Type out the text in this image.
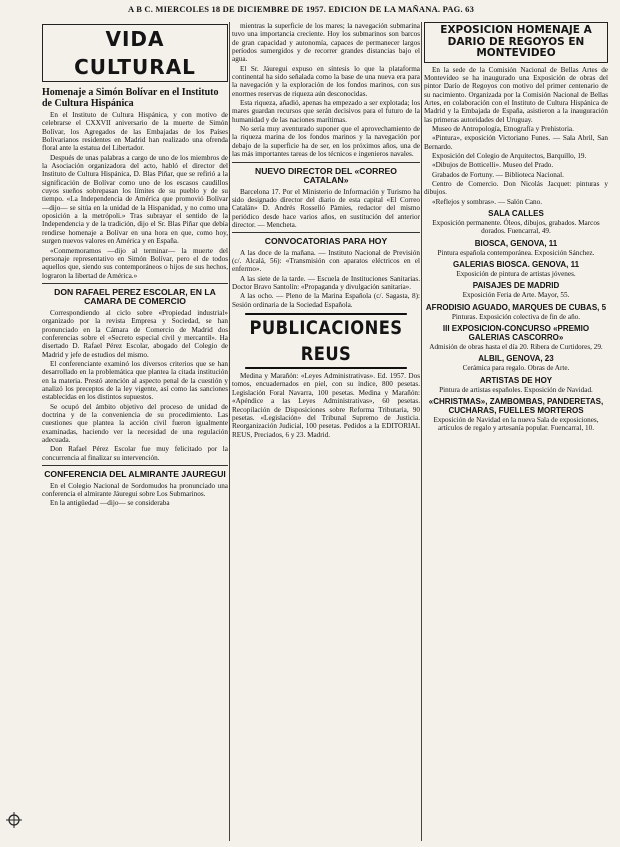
A B C. MIERCOLES 18 DE DICIEMBRE DE 1957. EDICION DE LA MAÑANA. PAG. 63
VIDA CULTURAL
Homenaje a Simón Bolívar en el Instituto de Cultura Hispánica

En el Instituto de Cultura Hispánica, y con motivo de celebrarse el CXXVII aniversario de la muerte de Simón Bolívar, los Agregados de las Embajadas de los Países Bolivarianos residentes en Madrid han realizado una ofrenda floral ante la estatua del Libertador.

Después de unas palabras a cargo de uno de los miembros de la Asociación organizadora del acto, habló el director del Instituto de Cultura Hispánica, D. Blas Piñar, que se refirió a la significación de Bolívar como uno de los escasos caudillos cuyos sueños sobrepasan los límites de su pueblo y de su tiempo. «La Independencia de América que promovió Bolívar —dijo— se sitúa en la unidad de la Hispanidad, y no como una oposición a la metrópoli.» Tras subrayar el sentido de la Independencia y de la tradición, dijo el Sr. Blas Piñar que debía rendirse homenaje a Bolívar en una hora en que, como hoy, surgen nuevos valores en América y en España.

«Conmemoramos —dijo al terminar— la muerte del personaje representativo en Simón Bolívar, pero el de todos aquellos que, siendo sus contemporáneos o hijos de sus hechos, lograron la libertad de América.»

DON RAFAEL PEREZ ESCOLAR, EN LA CAMARA DE COMERCIO

Correspondiendo al ciclo sobre «Propiedad industrial» organizado por la revista Empresa y Sociedad, se han pronunciado en la Cámara de Comercio de Madrid dos conferencias sobre el «Secreto especial civil y mercantil». Ha disertado D. Rafael Pérez Escolar, abogado del Colegio de Madrid y jefe de estudios del mismo.

El conferenciante examinó los diversos criterios que se han desarrollado en la problemática que plantea la citada institución en la materia. Prestó atención al aspecto penal de la cuestión y analizó los preceptos de la ley vigente, así como las sanciones establecidas en los distintos supuestos.

Se ocupó del ámbito objetivo del proceso de unidad de doctrina y de la conveniencia de su procedimiento. Las cuestiones que plantea la acción civil fueron igualmente examinadas, haciendo ver la necesidad de una regulación adecuada.

Don Rafael Pérez Escolar fue muy felicitado por la concurrencia al finalizar su intervención.

CONFERENCIA DEL ALMIRANTE JAUREGUI

En el Colegio Nacional de Sordomudos ha pronunciado una conferencia el almirante Jáuregui sobre Los Submarinos.

En la antigüedad —dijo— se consideraba

mientras la superficie de los mares; la navegación submarina tuvo una importancia creciente. Hoy los submarinos son barcos de gran capacidad y autonomía, capaces de permanecer largos períodos sumergidos y de recorrer grandes distancias bajo el agua.

El Sr. Jáuregui expuso en síntesis lo que la plataforma continental ha sido señalada como la base de una nueva era para la navegación y la exploración de los fondos marinos, con sus enormes reservas de riqueza aún desconocidas.

Esta riqueza, añadió, apenas ha empezado a ser explotada; los mares guardan recursos que serán decisivos para el futuro de la humanidad y de las naciones marítimas.

No sería muy aventurado suponer que el aprovechamiento de la riqueza marina de los fondos marinos y la navegación por debajo de la superficie ha de ser, en los próximos años, una de las más importantes tareas de los técnicos e ingenieros navales.

NUEVO DIRECTOR DEL «CORREO CATALAN»

Barcelona 17. Por el Ministerio de Información y Turismo ha sido designado director del diario de esta capital «El Correo Catalán» D. Andrés Rosselló Pàmies, redactor del mismo periódico desde hace varios años, en sustitución del anterior director. — Mencheta.

CONVOCATORIAS PARA HOY

A las doce de la mañana. — Instituto Nacional de Previsión (c/. Alcalá, 56): «Transmisión con aparatos eléctricos en el enfermo».

A las siete de la tarde. — Escuela de Instituciones Sanitarias. Doctor Bravo Santolín: «Propaganda y divulgación sanitaria».

A las ocho. — Pleno de la Marina Española (c/. Sagasta, 8): Sesión ordinaria de la Sociedad Española.

PUBLICACIONES REUS

Medina y Marañón: «Leyes Administrativas». Ed. 1957. Dos tomos, encuadernados en piel, con su índice, 800 pesetas. Legislación Foral Navarra, 100 pesetas. Medina y Marañón: «Apéndice a las Leyes Administrativas», 60 pesetas. Recopilación de Disposiciones sobre Reforma Tributaria, 90 pesetas. «Legislación» del Tribunal Supremo de Justicia. Reorganización Judicial, 100 pesetas. Pedidos a la EDITORIAL REUS, Preciados, 6 y 23. Madrid.

EXPOSICION HOMENAJE A DARIO DE REGOYOS EN MONTEVIDEO

En la sede de la Comisión Nacional de Bellas Artes de Montevideo se ha inaugurado una Exposición de obras del pintor Darío de Regoyos con motivo del primer centenario de su nacimiento. Organizada por la Comisión Nacional de Bellas Artes, en colaboración con el Instituto de Cultura Hispánica de Madrid y la Embajada de España, asistieron a la inauguración las primeras autoridades del Uruguay.

Museo de Antropología, Etnografía y Prehistoria.

«Pintura», exposición Victoriano Funes. — Sala Abril, San Bernardo.

Exposición del Colegio de Arquitectos, Barquillo, 19.

«Dibujos de Botticelli». Museo del Prado.

Grabados de Fortuny. — Biblioteca Nacional.

Centro de Comercio. Don Nicolás Jacquet: pinturas y dibujos.

«Reflejos y sombras». — Salón Cano.

SALA CALLES

Exposición permanente. Óleos, dibujos, grabados. Marcos dorados. Fuencarral, 49.

BIOSCA, GENOVA, 11

Pintura española contemporánea. Exposición Sánchez.

GALERIAS BIOSCA. GENOVA, 11

Exposición de pintura de artistas jóvenes.

PAISAJES DE MADRID

Exposición Feria de Arte. Mayor, 55.

AFRODISIO AGUADO, MARQUES DE CUBAS, 5

Pinturas. Exposición colectiva de fin de año.

III EXPOSICION-CONCURSO «PREMIO GALERIAS CASCORRO»

Admisión de obras hasta el día 20. Ribera de Curtidores, 29.

ALBIL, GENOVA, 23

Cerámica para regalo. Obras de Arte.

ARTISTAS DE HOY

Pintura de artistas españoles. Exposición de Navidad.

«CHRISTMAS», ZAMBOMBAS, PANDERETAS, CUCHARAS, FUELLES MORTEROS

Exposición de Navidad en la nueva Sala de exposiciones, artículos de regalo y artesanía popular. Fuencarral, 10.
